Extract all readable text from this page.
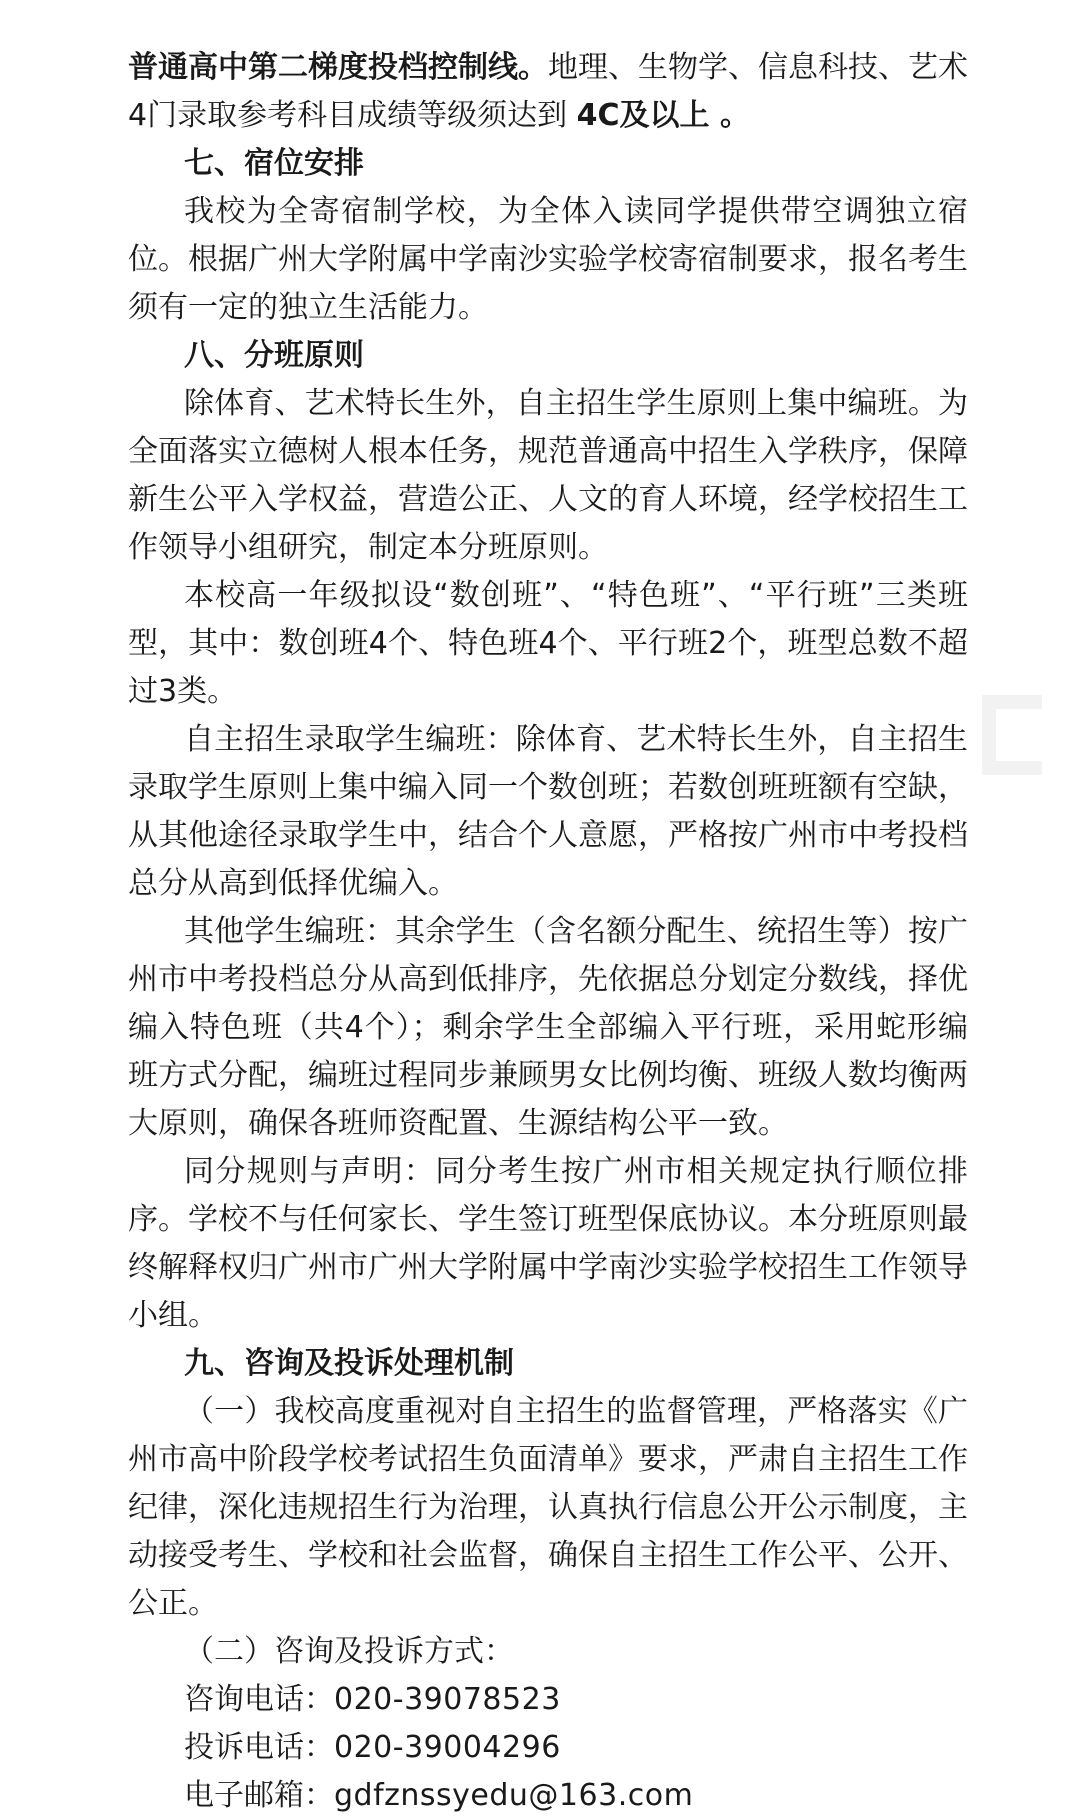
普通高中第二梯度投档控制线。地理、生物学、信息科技、艺术4门录取参考科目成绩等级须达到 4C及以上 。

七、宿位安排

我校为全寄宿制学校，为全体入读同学提供带空调独立宿位。根据广州大学附属中学南沙实验学校寄宿制要求，报名考生须有一定的独立生活能力。

八、分班原则

除体育、艺术特长生外，自主招生学生原则上集中编班。为全面落实立德树人根本任务，规范普通高中招生入学秩序，保障新生公平入学权益，营造公正、人文的育人环境，经学校招生工作领导小组研究，制定本分班原则。

本校高一年级拟设“数创班”、“特色班”、“平行班”三类班型，其中：数创班4个、特色班4个、平行班2个，班型总数不超过3类。

自主招生录取学生编班：除体育、艺术特长生外，自主招生录取学生原则上集中编入同一个数创班；若数创班班额有空缺，从其他途径录取学生中，结合个人意愿，严格按广州市中考投档总分从高到低择优编入。

其他学生编班：其余学生（含名额分配生、统招生等）按广州市中考投档总分从高到低排序，先依据总分划定分数线，择优编入特色班（共4个）；剩余学生全部编入平行班，采用蛇形编班方式分配，编班过程同步兼顾男女比例均衡、班级人数均衡两大原则，确保各班师资配置、生源结构公平一致。

同分规则与声明：同分考生按广州市相关规定执行顺位排序。学校不与任何家长、学生签订班型保底协议。本分班原则最终解释权归广州市广州大学附属中学南沙实验学校招生工作领导小组。

九、咨询及投诉处理机制

（一）我校高度重视对自主招生的监督管理，严格落实《广州市高中阶段学校考试招生负面清单》要求，严肃自主招生工作纪律，深化违规招生行为治理，认真执行信息公开公示制度，主动接受考生、学校和社会监督，确保自主招生工作公平、公开、公正。

（二）咨询及投诉方式：

咨询电话：020-39078523

投诉电话：020-39004296

电子邮箱：gdfznssyedu@163.com
